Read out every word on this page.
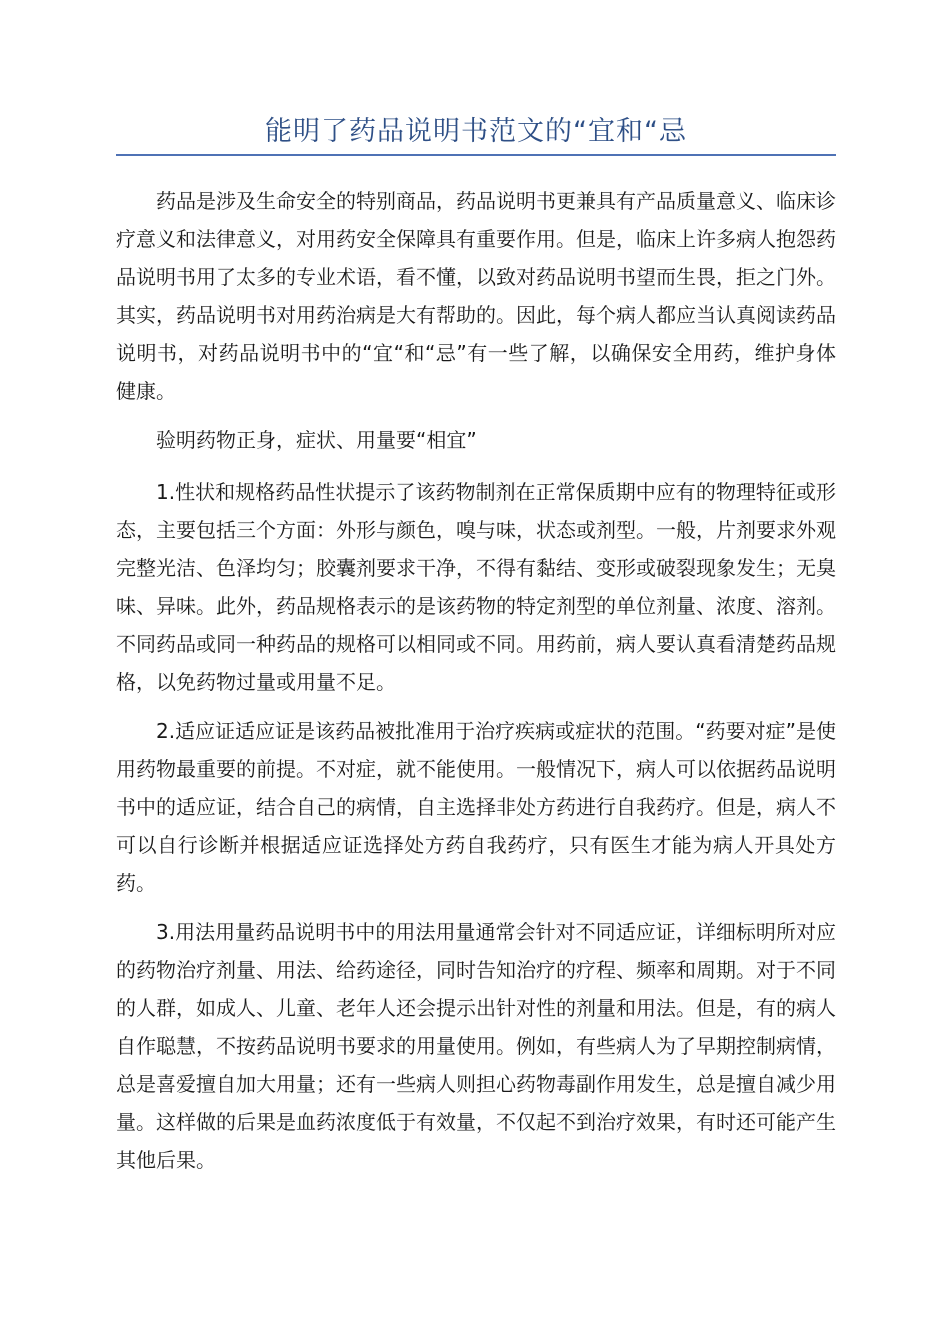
能明了药品说明书范文的“宜和“忌

药品是涉及生命安全的特别商品，药品说明书更兼具有产品质量意义、临床诊疗意义和法律意义，对用药安全保障具有重要作用。但是，临床上许多病人抱怨药品说明书用了太多的专业术语，看不懂，以致对药品说明书望而生畏，拒之门外。其实，药品说明书对用药治病是大有帮助的。因此，每个病人都应当认真阅读药品说明书，对药品说明书中的“宜“和“忌”有一些了解，以确保安全用药，维护身体健康。

验明药物正身，症状、用量要“相宜”

1.性状和规格药品性状提示了该药物制剂在正常保质期中应有的物理特征或形态，主要包括三个方面：外形与颜色，嗅与味，状态或剂型。一般，片剂要求外观完整光洁、色泽均匀；胶囊剂要求干净，不得有黏结、变形或破裂现象发生；无臭味、异味。此外，药品规格表示的是该药物的特定剂型的单位剂量、浓度、溶剂。不同药品或同一种药品的规格可以相同或不同。用药前，病人要认真看清楚药品规格，以免药物过量或用量不足。

2.适应证适应证是该药品被批准用于治疗疾病或症状的范围。“药要对症”是使用药物最重要的前提。不对症，就不能使用。一般情况下，病人可以依据药品说明书中的适应证，结合自己的病情，自主选择非处方药进行自我药疗。但是，病人不可以自行诊断并根据适应证选择处方药自我药疗，只有医生才能为病人开具处方药。

3.用法用量药品说明书中的用法用量通常会针对不同适应证，详细标明所对应的药物治疗剂量、用法、给药途径，同时告知治疗的疗程、频率和周期。对于不同的人群，如成人、儿童、老年人还会提示出针对性的剂量和用法。但是，有的病人自作聪慧，不按药品说明书要求的用量使用。例如，有些病人为了早期控制病情，总是喜爱擅自加大用量；还有一些病人则担心药物毒副作用发生，总是擅自减少用量。这样做的后果是血药浓度低于有效量，不仅起不到治疗效果，有时还可能产生其他后果。
